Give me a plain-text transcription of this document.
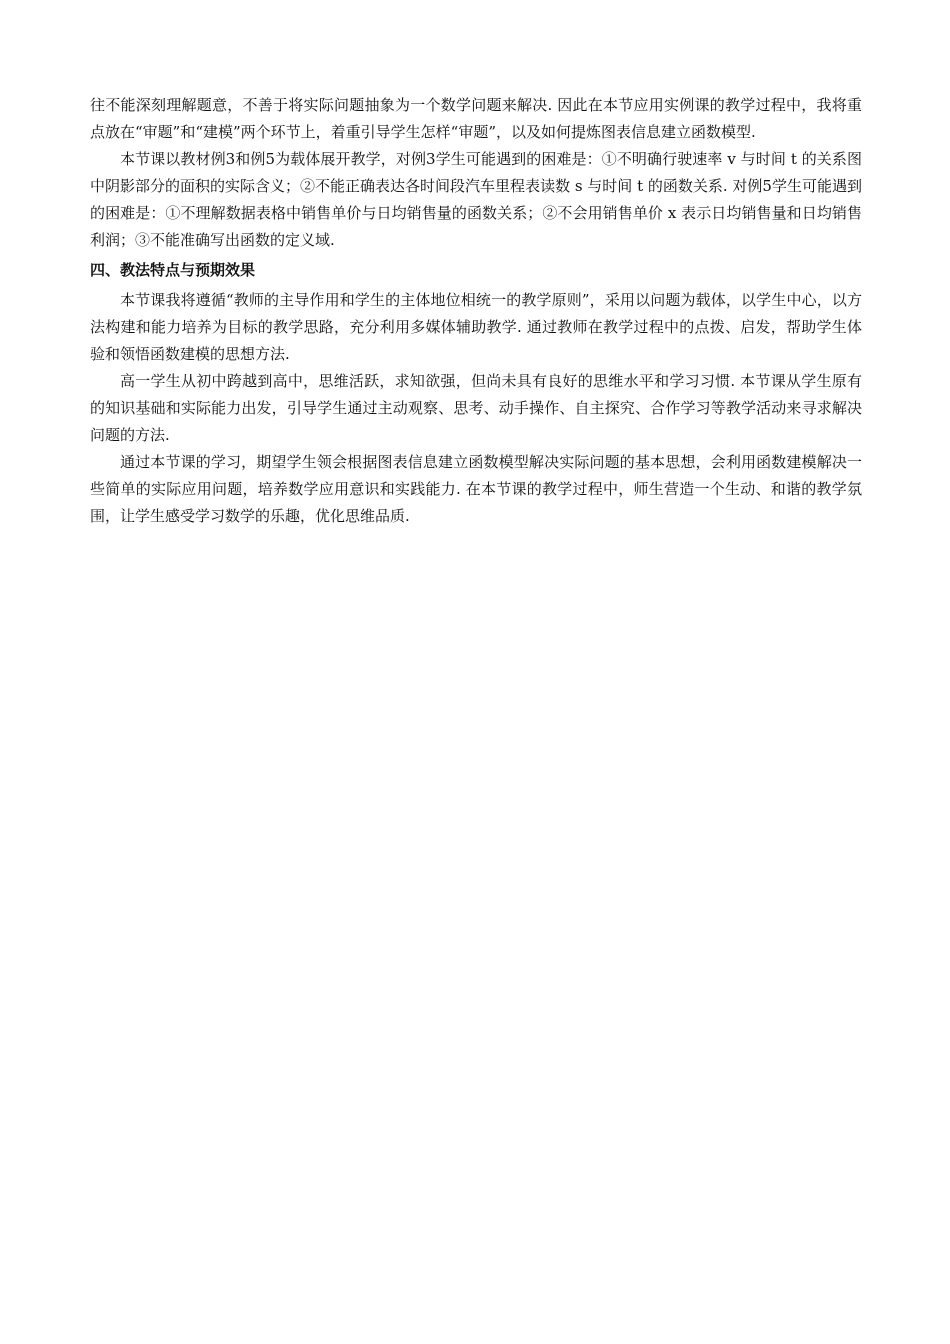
往不能深刻理解题意，不善于将实际问题抽象为一个数学问题来解决. 因此在本节应用实例课的教学过程中，我将重点放在“审题”和“建模”两个环节上，着重引导学生怎样“审题”，以及如何提炼图表信息建立函数模型.

本节课以教材例3和例5为载体展开教学，对例3学生可能遇到的困难是：①不明确行驶速率 v 与时间 t 的关系图中阴影部分的面积的实际含义；②不能正确表达各时间段汽车里程表读数 s 与时间 t 的函数关系. 对例5学生可能遇到的困难是：①不理解数据表格中销售单价与日均销售量的函数关系；②不会用销售单价 x 表示日均销售量和日均销售利润；③不能准确写出函数的定义域.

四、教法特点与预期效果

本节课我将遵循“教师的主导作用和学生的主体地位相统一的教学原则”，采用以问题为载体，以学生中心，以方法构建和能力培养为目标的教学思路，充分利用多媒体辅助教学. 通过教师在教学过程中的点拨、启发，帮助学生体验和领悟函数建模的思想方法.

高一学生从初中跨越到高中，思维活跃，求知欲强，但尚未具有良好的思维水平和学习习惯. 本节课从学生原有的知识基础和实际能力出发，引导学生通过主动观察、思考、动手操作、自主探究、合作学习等教学活动来寻求解决问题的方法.

通过本节课的学习，期望学生领会根据图表信息建立函数模型解决实际问题的基本思想，会利用函数建模解决一些简单的实际应用问题，培养数学应用意识和实践能力. 在本节课的教学过程中，师生营造一个生动、和谐的教学氛围，让学生感受学习数学的乐趣，优化思维品质.
